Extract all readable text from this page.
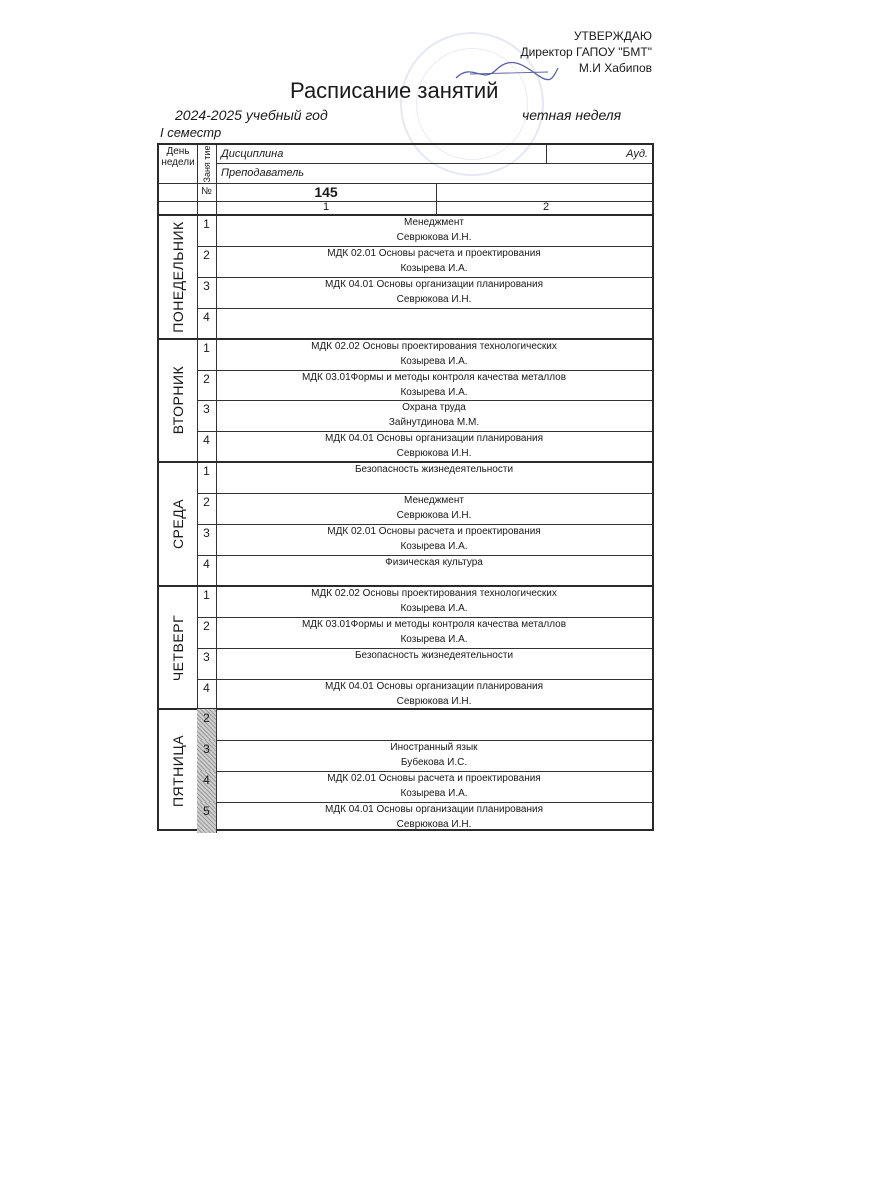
УТВЕРЖДАЮ
Директор ГАПОУ "БМТ"
М.И Хабипов
Расписание занятий
2024-2025 учебный год	четная неделя
I семестр
День недели Заня тие Дисциплина	Ауд.
Преподаватель
№	145
1	2
ПОНЕДЕЛЬНИК	1	Менеджмент
Севрюкова И.Н.
2	МДК 02.01 Основы расчета и проектирования
Козырева И.А.
3	МДК 04.01 Основы организации планирования
Севрюкова И.Н.
4
ВТОРНИК
1	МДК 02.02 Основы проектирования технологических
Козырева И.А.
2	МДК 03.01Формы и методы контроля качества металлов
Козырева И.А.
3	Охрана труда
Зайнутдинова М.М.
4	МДК 04.01 Основы организации планирования
Севрюкова И.Н.
СРЕДА
1	Безопасность жизнедеятельности
2	Менеджмент
Севрюкова И.Н.
3	МДК 02.01 Основы расчета и проектирования
Козырева И.А.
4	Физическая культура
ЧЕТВЕРГ
1	МДК 02.02 Основы проектирования технологических
Козырева И.А.
2	МДК 03.01Формы и методы контроля качества металлов
Козырева И.А.
3	Безопасность жизнедеятельности
4	МДК 04.01 Основы организации планирования
Севрюкова И.Н.
ПЯТНИЦА
2
3	Иностранный язык
Бубекова И.С.
4	МДК 02.01 Основы расчета и проектирования
Козырева И.А.
5	МДК 04.01 Основы организации планирования
Севрюкова И.Н.
